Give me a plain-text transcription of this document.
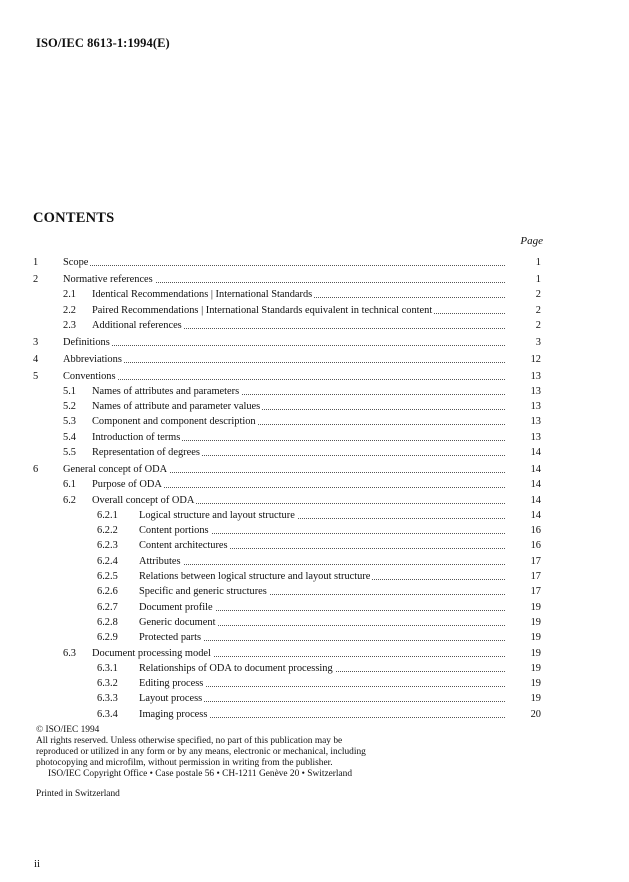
ISO/IEC 8613-1:1994(E)
CONTENTS
Page
1 Scope	1
2 Normative references	1
2.1 Identical Recommendations | International Standards	2
2.2 Paired Recommendations | International Standards equivalent in technical content	2
2.3 Additional references	2
3 Definitions	3
4 Abbreviations	12
5 Conventions	13
5.1 Names of attributes and parameters	13
5.2 Names of attribute and parameter values	13
5.3 Component and component description	13
5.4 Introduction of terms	13
5.5 Representation of degrees	14
6 General concept of ODA	14
6.1 Purpose of ODA	14
6.2 Overall concept of ODA	14
6.2.1 Logical structure and layout structure	14
6.2.2 Content portions	16
6.2.3 Content architectures	16
6.2.4 Attributes	17
6.2.5 Relations between logical structure and layout structure	17
6.2.6 Specific and generic structures	17
6.2.7 Document profile	19
6.2.8 Generic document	19
6.2.9 Protected parts	19
6.3 Document processing model	19
6.3.1 Relationships of ODA to document processing	19
6.3.2 Editing process	19
6.3.3 Layout process	19
6.3.4 Imaging process	20

© ISO/IEC 1994

All rights reserved. Unless otherwise specified, no part of this publication may be

reproduced or utilized in any form or by any means, electronic or mechanical, including

photocopying and microfilm, without permission in writing from the publisher.

ISO/IEC Copyright Office • Case postale 56 • CH-1211 Genève 20 • Switzerland

Printed in Switzerland

ii
